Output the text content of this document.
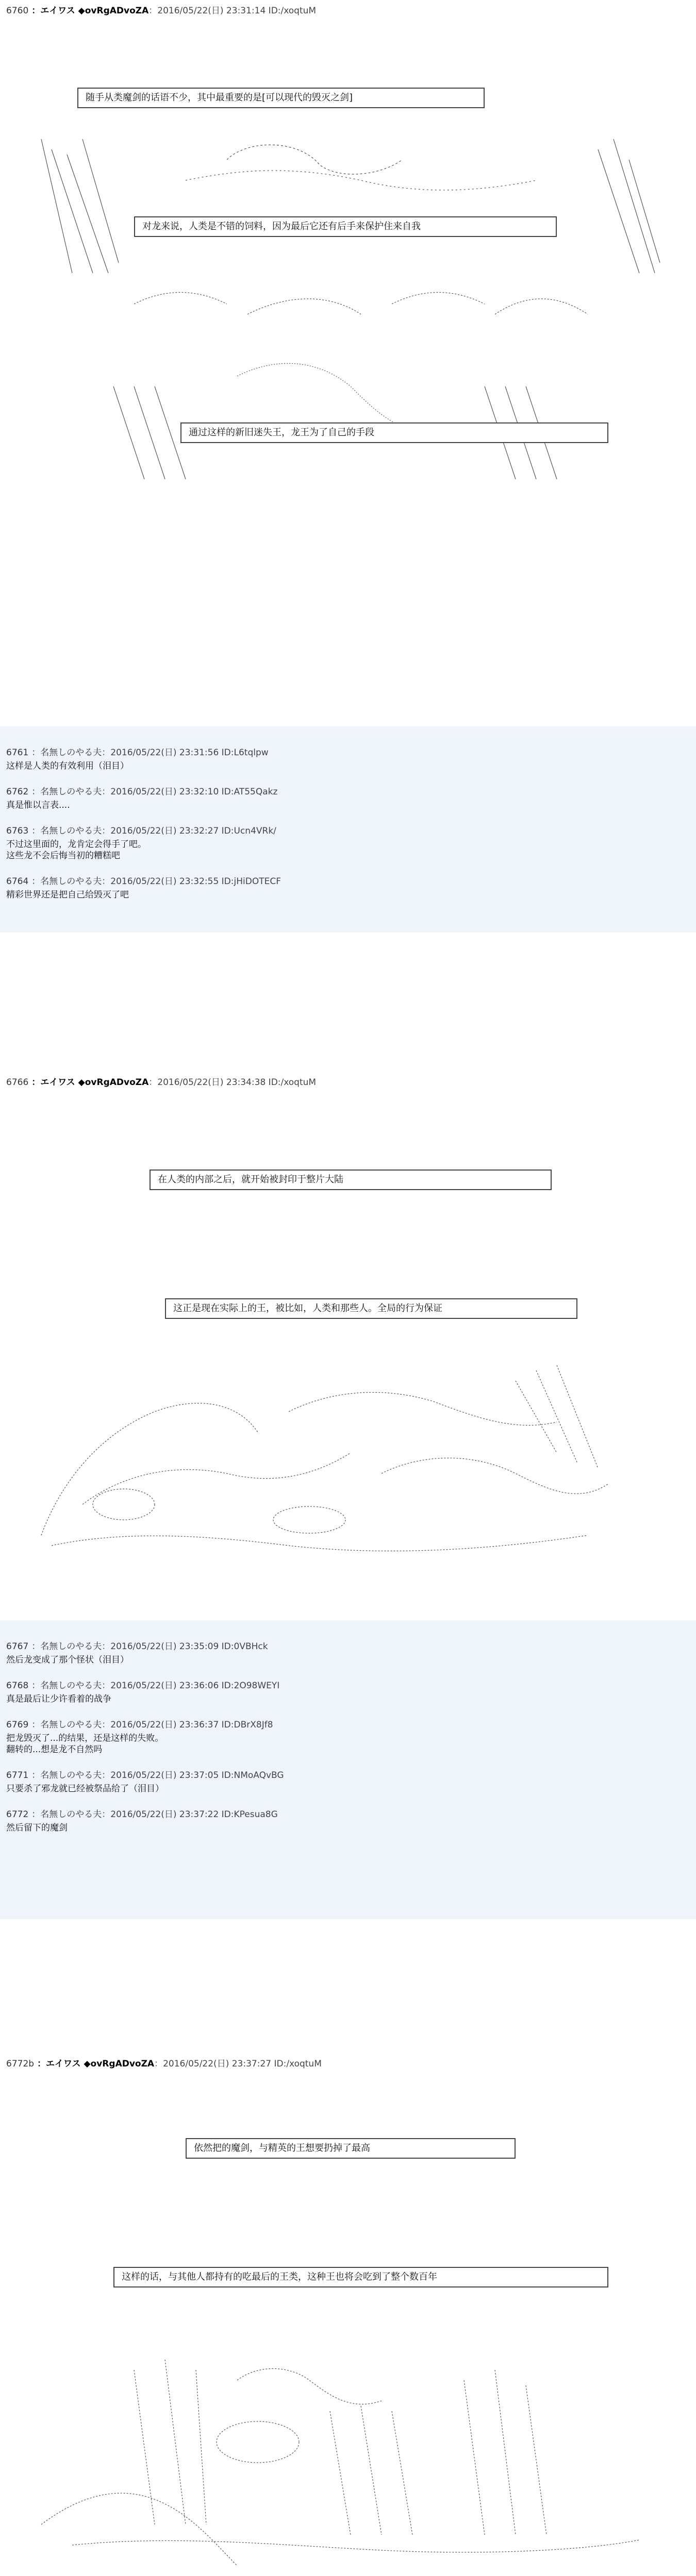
6760 ：エイワス ◆ovRgADvoZA：2016/05/22(日) 23:31:14 ID:/xoqtuM
随手从类魔剑的话语不少，其中最重要的是[可以现代的毁灭之剑]
对龙来说，人类是不错的饲料，因为最后它还有后手来保护住来自我
通过这样的新旧迷失王，龙王为了自己的手段
6761 ：名無しのやる夫：2016/05/22(日) 23:31:56 ID:L6tqlpw
这样是人类的有效利用（泪目）
6762 ：名無しのやる夫：2016/05/22(日) 23:32:10 ID:AT55Qakz
真是惟以言表....
6763 ：名無しのやる夫：2016/05/22(日) 23:32:27 ID:Ucn4VRk/
不过这里面的，龙肯定会得手了吧。
这些龙不会后悔当初的糟糕吧
6764 ：名無しのやる夫：2016/05/22(日) 23:32:55 ID:jHiDOTECF
精彩世界还是把自己给毁灭了吧
6766 ：エイワス ◆ovRgADvoZA：2016/05/22(日) 23:34:38 ID:/xoqtuM
在人类的内部之后，就开始被封印于整片大陆
这正是现在实际上的王，被比如，人类和那些人。全局的行为保证
6767 ：名無しのやる夫：2016/05/22(日) 23:35:09 ID:0VBHck
然后龙变成了那个怪状（泪目）
6768 ：名無しのやる夫：2016/05/22(日) 23:36:06 ID:2O98WEYI
真是最后让少许看着的战争
6769 ：名無しのやる夫：2016/05/22(日) 23:36:37 ID:DBrX8Jf8
把龙毁灭了...的结果，还是这样的失败。
翻转的...想是龙不自然吗
6771 ：名無しのやる夫：2016/05/22(日) 23:37:05 ID:NMoAQvBG
只要杀了邪龙就已经被祭品给了（泪目）
6772 ：名無しのやる夫：2016/05/22(日) 23:37:22 ID:KPesua8G
然后留下的魔剑
6772b ：エイワス ◆ovRgADvoZA：2016/05/22(日) 23:37:27 ID:/xoqtuM
依然把的魔剑，与精英的王想要扔掉了最高
这样的话，与其他人都持有的吃最后的王类，这种王也将会吃到了整个数百年
